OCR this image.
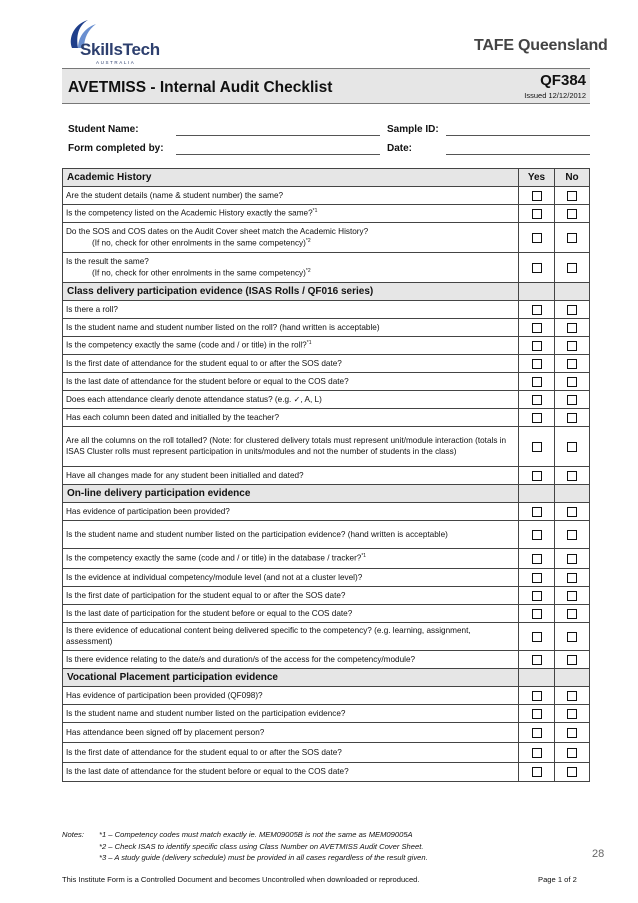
SkillsTech
AUSTRALIA
TAFE Queensland
AVETMISS - Internal Audit Checklist	QF384
Issued 12/12/2012
Student Name:	Sample ID:
Form completed by:	Date:
Academic History	Yes	No
Are the student details (name & student number) the same?
Is the competency listed on the Academic History exactly the same?$^{*1}$
Do the SOS and COS dates on the Audit Cover sheet match the Academic History?
(If no, check for other enrolments in the same competency)$^{*2}$
Is the result the same?
(If no, check for other enrolments in the same competency)$^{*2}$
Class delivery participation evidence (ISAS Rolls / QF016 series)
Is there a roll?
Is the student name and student number listed on the roll? (hand written is acceptable)
Is the competency exactly the same (code and / or title) in the roll?$^{*1}$
Is the first date of attendance for the student equal to or after the SOS date?
Is the last date of attendance for the student before or equal to the COS date?
Does each attendance clearly denote attendance status? (e.g. ✓, A, L)
Has each column been dated and initialled by the teacher?
Are all the columns on the roll totalled? (Note: for clustered delivery totals must represent unit/module interaction (totals in ISAS Cluster rolls must represent participation in units/modules and not the number of students in the class)
Have all changes made for any student been initialled and dated?
On-line delivery participation evidence
Has evidence of participation been provided?
Is the student name and student number listed on the participation evidence? (hand written is acceptable)
Is the competency exactly the same (code and / or title) in the database / tracker?$^{*1}$
Is the evidence at individual competency/module level (and not at a cluster level)?
Is the first date of participation for the student equal to or after the SOS date?
Is the last date of participation for the student before or equal to the COS date?
Is there evidence of educational content being delivered specific to the competency? (e.g. learning, assignment, assessment)
Is there evidence relating to the date/s and duration/s of the access for the competency/module?
Vocational Placement participation evidence
Has evidence of participation been provided (QF098)?
Is the student name and student number listed on the participation evidence?
Has attendance been signed off by placement person?
Is the first date of attendance for the student equal to or after the SOS date?
Is the last date of attendance for the student before or equal to the COS date?
Notes: *1 – Competency codes must match exactly ie. MEM09005B is not the same as MEM09005A
*2 – Check ISAS to identify specific class using Class Number on AVETMISS Audit Cover Sheet.
*3 – A study guide (delivery schedule) must be provided in all cases regardless of the result given.	28
This Institute Form is a Controlled Document and becomes Uncontrolled when downloaded or reproduced.	Page 1 of 2
